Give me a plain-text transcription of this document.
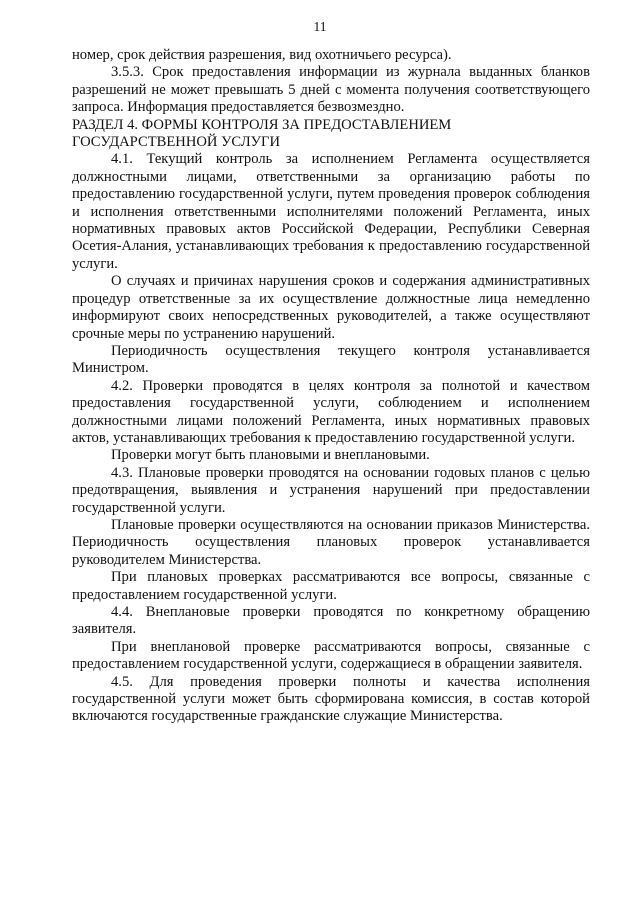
11

номер, срок действия разрешения, вид охотничьего ресурса).

3.5.3. Срок предоставления информации из журнала выданных бланков разрешений не может превышать 5 дней с момента получения соответствующего запроса. Информация предоставляется безвозмездно.

РАЗДЕЛ 4. ФОРМЫ КОНТРОЛЯ ЗА ПРЕДОСТАВЛЕНИЕМ
ГОСУДАРСТВЕННОЙ УСЛУГИ

4.1. Текущий контроль за исполнением Регламента осуществляется должностными лицами, ответственными за организацию работы по предоставлению государственной услуги, путем проведения проверок соблюдения и исполнения ответственными исполнителями положений Регламента, иных нормативных правовых актов Российской Федерации, Республики Северная Осетия-Алания, устанавливающих требования к предоставлению государственной услуги.

О случаях и причинах нарушения сроков и содержания административных процедур ответственные за их осуществление должностные лица немедленно информируют своих непосредственных руководителей, а также осуществляют срочные меры по устранению нарушений.

Периодичность осуществления текущего контроля устанавливается Министром.

4.2. Проверки проводятся в целях контроля за полнотой и качеством предоставления государственной услуги, соблюдением и исполнением должностными лицами положений Регламента, иных нормативных правовых актов, устанавливающих требования к предоставлению государственной услуги.

Проверки могут быть плановыми и внеплановыми.

4.3. Плановые проверки проводятся на основании годовых планов с целью предотвращения, выявления и устранения нарушений при предоставлении государственной услуги.

Плановые проверки осуществляются на основании приказов Министерства. Периодичность осуществления плановых проверок устанавливается руководителем Министерства.

При плановых проверках рассматриваются все вопросы, связанные с предоставлением государственной услуги.

4.4. Внеплановые проверки проводятся по конкретному обращению заявителя.

При внеплановой проверке рассматриваются вопросы, связанные с предоставлением государственной услуги, содержащиеся в обращении заявителя.

4.5. Для проведения проверки полноты и качества исполнения государственной услуги может быть сформирована комиссия, в состав которой включаются государственные гражданские служащие Министерства.
